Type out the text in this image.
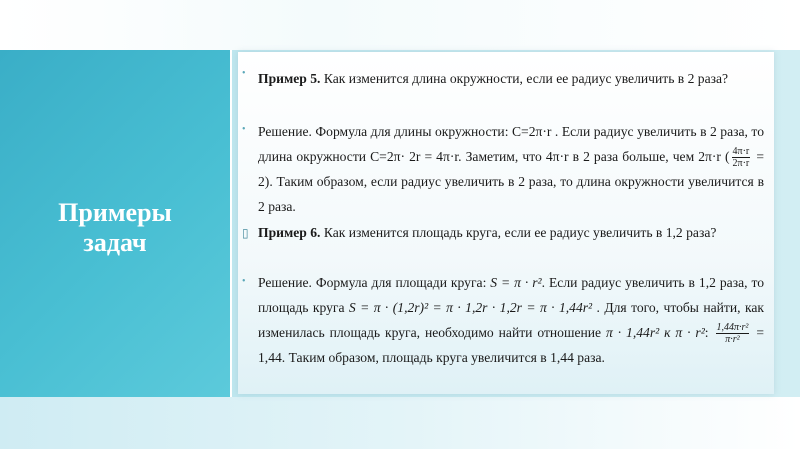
Примеры
задач
• Пример 5. Как изменится длина окружности, если ее радиус увеличить в 2 раза?
• Решение. Формула для длины окружности: С=2π·r . Если радиус увеличить в 2 раза, то длина окружности С=2π· 2r = 4π·r. Заметим, что 4π·r в 2 раза больше, чем 2π·r ( $\frac{4\pi\cdot r}{2\pi\cdot r} = 2$). Таким образом, если радиус увеличить в 2 раза, то длина окружности увеличится в 2 раза.
▯ Пример 6. Как изменится площадь круга, если ее радиус увеличить в 1,2 раза?
• Решение. Формула для площади круга: S = π · r². Если радиус увеличить в 1,2 раза, то площадь круга S = π · (1,2r)² = π · 1,2r · 1,2r = π · 1,44r² . Для того, чтобы найти, как изменилась площадь круга, необходимо найти отношение π · 1,44r² к π · r²: $\frac{\text{1,44π·r²}}{\text{π·r²}} = 1,44$. Таким образом, площадь круга увеличится в 1,44 раза.
